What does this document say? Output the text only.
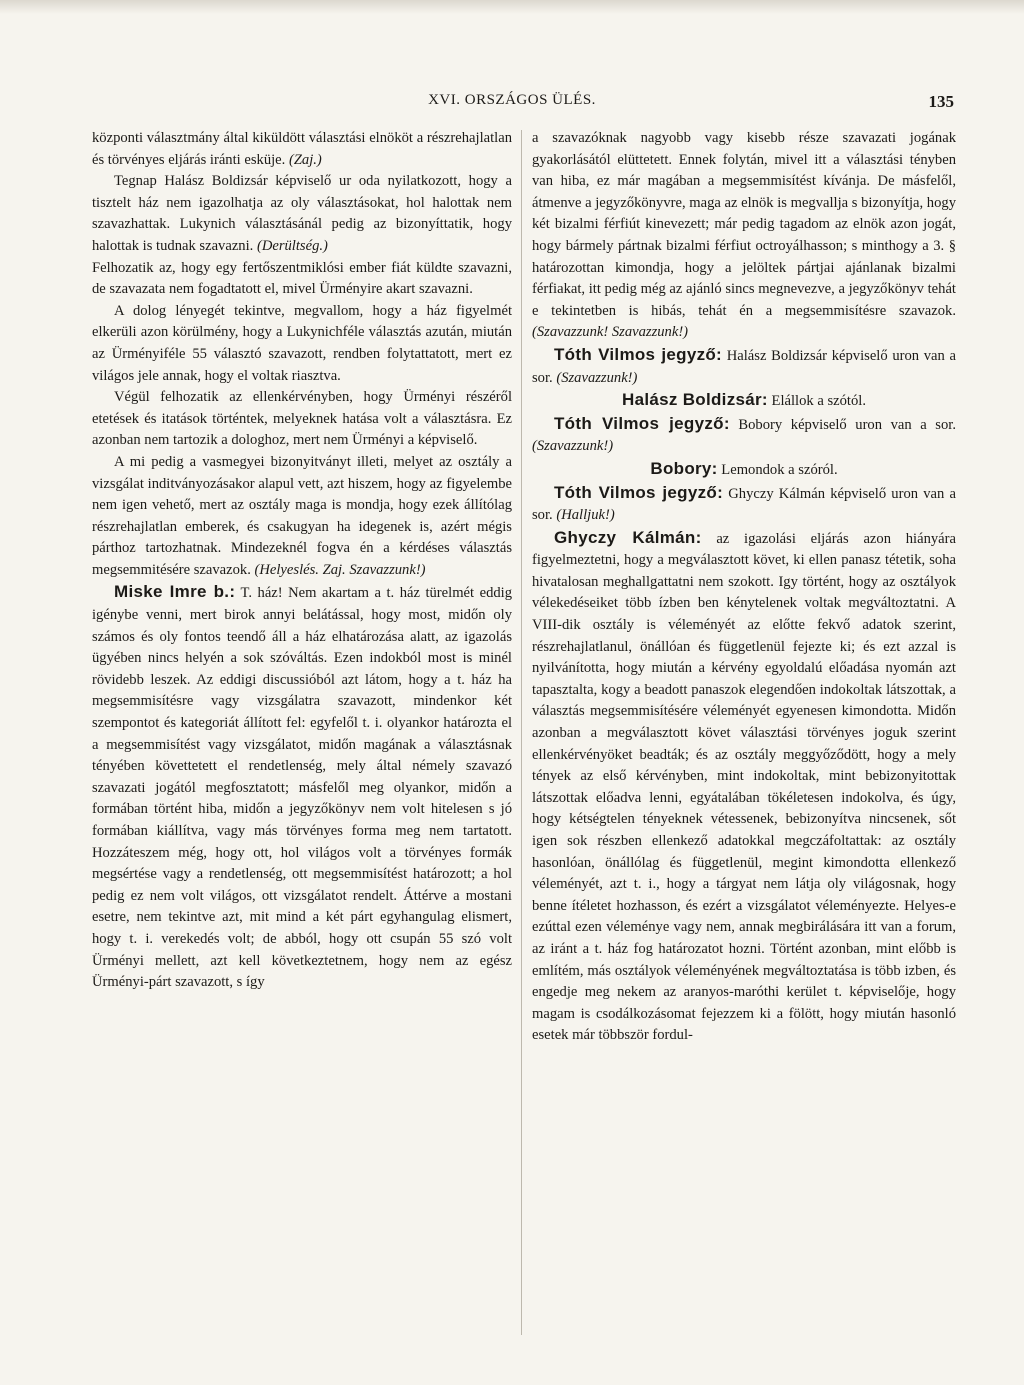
XVI. ORSZÁGOS ÜLÉS.	135

központi választmány által kiküldött választási elnököt a részrehajlatlan és törvényes eljárás iránti esküje. (Zaj.)

Tegnap Halász Boldizsár képviselő ur oda nyilatkozott, hogy a tisztelt ház nem igazolhatja az oly választásokat, hol halottak nem szavazhattak. Lukynich választásánál pedig az bizonyíttatik, hogy halottak is tudnak szavazni. (Derültség.)

Felhozatik az, hogy egy fertőszentmiklósi ember fiát küldte szavazni, de szavazata nem fogadtatott el, mivel Ürményire akart szavazni.

A dolog lényegét tekintve, megvallom, hogy a ház figyelmét elkerüli azon körülmény, hogy a Lukynichféle választás azután, miután az Ürményiféle 55 választó szavazott, rendben folytattatott, mert ez világos jele annak, hogy el voltak riasztva.

Végül felhozatik az ellenkérvényben, hogy Ürményi részéről etetések és itatások történtek, melyeknek hatása volt a választásra. Ez azonban nem tartozik a dologhoz, mert nem Ürményi a képviselő.

A mi pedig a vasmegyei bizonyitványt illeti, melyet az osztály a vizsgálat inditványozásakor alapul vett, azt hiszem, hogy az figyelembe nem igen vehető, mert az osztály maga is mondja, hogy ezek állítólag részrehajlatlan emberek, és csakugyan ha idegenek is, azért mégis párthoz tartozhatnak. Mindezeknél fogva én a kérdéses választás megsemmitésére szavazok. (Helyeslés. Zaj. Szavazzunk!)

Miske Imre b.: T. ház! Nem akartam a t. ház türelmét eddig igénybe venni, mert birok annyi belátással, hogy most, midőn oly számos és oly fontos teendő áll a ház elhatározása alatt, az igazolás ügyében nincs helyén a sok szóváltás. Ezen indokból most is minél rövidebb leszek. Az eddigi discussióból azt látom, hogy a t. ház ha megsemmisítésre vagy vizsgálatra szavazott, mindenkor két szempontot és kategoriát állított fel: egyfelől t. i. olyankor határozta el a megsemmisítést vagy vizsgálatot, midőn magának a választásnak tényében követtetett el rendetlenség, mely által némely szavazó szavazati jogától megfosztatott; másfelől meg olyankor, midőn a formában történt hiba, midőn a jegyzőkönyv nem volt hitelesen s jó formában kiállítva, vagy más törvényes forma meg nem tartatott. Hozzáteszem még, hogy ott, hol világos volt a törvényes formák megsértése vagy a rendetlenség, ott megsemmisítést határozott; a hol pedig ez nem volt világos, ott vizsgálatot rendelt. Áttérve a mostani esetre, nem tekintve azt, mit mind a két párt egyhangulag elismert, hogy t. i. verekedés volt; de abból, hogy ott csupán 55 szó volt Ürményi mellett, azt kell következtetnem, hogy nem az egész Ürményi-párt szavazott, s így

a szavazóknak nagyobb vagy kisebb része szavazati jogának gyakorlásától elüttetett. Ennek folytán, mivel itt a választási tényben van hiba, ez már magában a megsemmisítést kívánja. De másfelől, átmenve a jegyzőkönyvre, maga az elnök is megvallja s bizonyítja, hogy két bizalmi férfiút kinevezett; már pedig tagadom az elnök azon jogát, hogy bármely pártnak bizalmi férfiut octroyálhasson; s minthogy a 3. § határozottan kimondja, hogy a jelöltek pártjai ajánlanak bizalmi férfiakat, itt pedig még az ajánló sincs megnevezve, a jegyzőkönyv tehát e tekintetben is hibás, tehát én a megsemmisítésre szavazok. (Szavazzunk! Szavazzunk!)

Tóth Vilmos jegyző: Halász Boldizsár képviselő uron van a sor. (Szavazzunk!)

Halász Boldizsár: Elállok a szótól.

Tóth Vilmos jegyző: Bobory képviselő uron van a sor. (Szavazzunk!)

Bobory: Lemondok a szóról.

Tóth Vilmos jegyző: Ghyczy Kálmán képviselő uron van a sor. (Halljuk!)

Ghyczy Kálmán: az igazolási eljárás azon hiányára figyelmeztetni, hogy a megválasztott követ, ki ellen panasz tétetik, soha hivatalosan meghallgattatni nem szokott. Igy történt, hogy az osztályok vélekedéseiket több ízben ben kénytelenek voltak megváltoztatni. A VIII-dik osztály is véleményét az előtte fekvő adatok szerint, részrehajlatlanul, önállóan és függetlenül fejezte ki; és ezt azzal is nyilvánította, hogy miután a kérvény egyoldalú előadása nyomán azt tapasztalta, kogy a beadott panaszok elegendően indokoltak látszottak, a választás megsemmisítésére véleményét egyenesen kimondotta. Midőn azonban a megválasztott követ választási törvényes joguk szerint ellenkérvényöket beadták; és az osztály meggyőződött, hogy a mely tények az első kérvényben, mint indokoltak, mint bebizonyitottak látszottak előadva lenni, egyátalában tökéletesen indokolva, és úgy, hogy kétségtelen tényeknek vétessenek, bebizonyítva nincsenek, sőt igen sok részben ellenkező adatokkal megczáfoltattak: az osztály hasonlóan, önállólag és függetlenül, megint kimondotta ellenkező véleményét, azt t. i., hogy a tárgyat nem látja oly világosnak, hogy benne ítéletet hozhasson, és ezért a vizsgálatot véleményezte. Helyes-e ezúttal ezen véleménye vagy nem, annak megbirálására itt van a forum, az iránt a t. ház fog határozatot hozni. Történt azonban, mint előbb is említém, más osztályok véleményének megváltoztatása is több izben, és engedje meg nekem az aranyos-maróthi kerület t. képviselője, hogy magam is csodálkozásomat fejezzem ki a fölött, hogy miután hasonló esetek már többször fordul-
